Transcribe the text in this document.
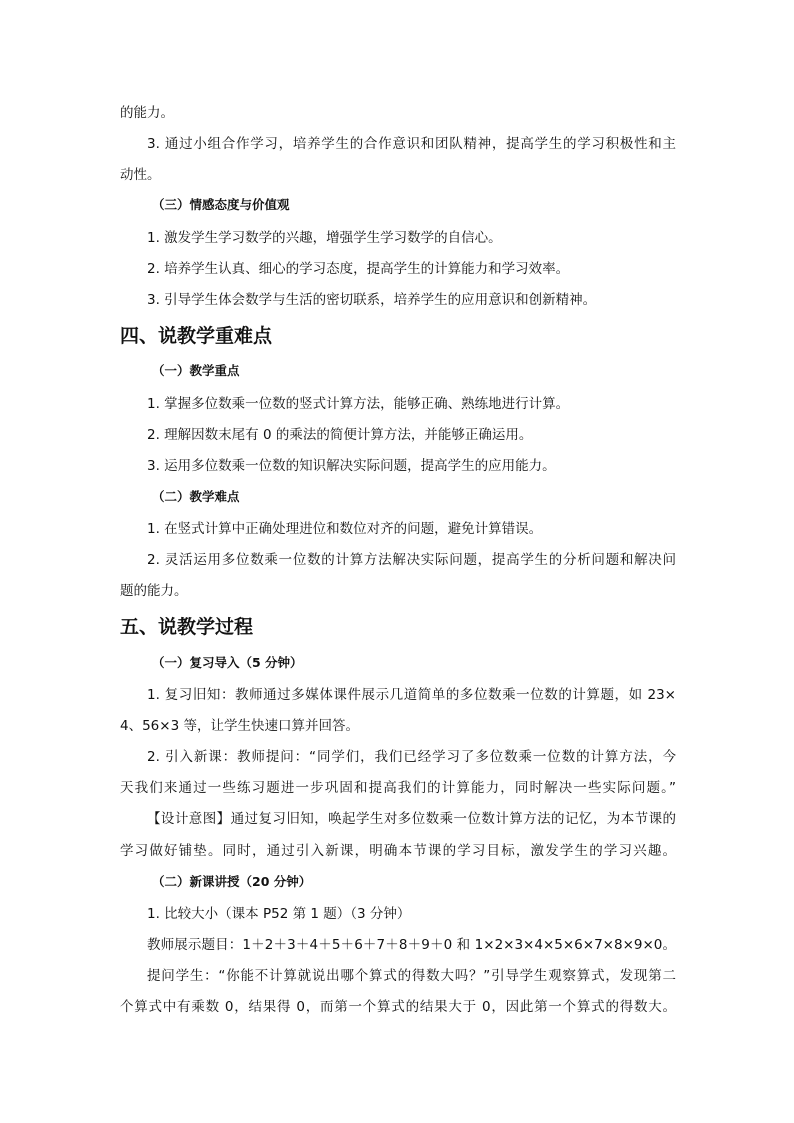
的能力。
3. 通过小组合作学习，培养学生的合作意识和团队精神，提高学生的学习积极性和主
动性。
（三）情感态度与价值观
1. 激发学生学习数学的兴趣，增强学生学习数学的自信心。
2. 培养学生认真、细心的学习态度，提高学生的计算能力和学习效率。
3. 引导学生体会数学与生活的密切联系，培养学生的应用意识和创新精神。
四、说教学重难点
（一）教学重点
1. 掌握多位数乘一位数的竖式计算方法，能够正确、熟练地进行计算。
2. 理解因数末尾有 0 的乘法的简便计算方法，并能够正确运用。
3. 运用多位数乘一位数的知识解决实际问题，提高学生的应用能力。
（二）教学难点
1. 在竖式计算中正确处理进位和数位对齐的问题，避免计算错误。
2. 灵活运用多位数乘一位数的计算方法解决实际问题，提高学生的分析问题和解决问
题的能力。
五、说教学过程
（一）复习导入（5 分钟）
1. 复习旧知：教师通过多媒体课件展示几道简单的多位数乘一位数的计算题，如 23×
4、56×3 等，让学生快速口算并回答。
2. 引入新课：教师提问：“同学们，我们已经学习了多位数乘一位数的计算方法，今
天我们来通过一些练习题进一步巩固和提高我们的计算能力，同时解决一些实际问题。”
【设计意图】通过复习旧知，唤起学生对多位数乘一位数计算方法的记忆，为本节课的
学习做好铺垫。同时，通过引入新课，明确本节课的学习目标，激发学生的学习兴趣。
（二）新课讲授（20 分钟）
1. 比较大小（课本 P52 第 1 题）（3 分钟）
教师展示题目：1＋2＋3＋4＋5＋6＋7＋8＋9＋0 和 1×2×3×4×5×6×7×8×9×0。
提问学生：“你能不计算就说出哪个算式的得数大吗？”引导学生观察算式，发现第二
个算式中有乘数 0，结果得 0，而第一个算式的结果大于 0，因此第一个算式的得数大。
